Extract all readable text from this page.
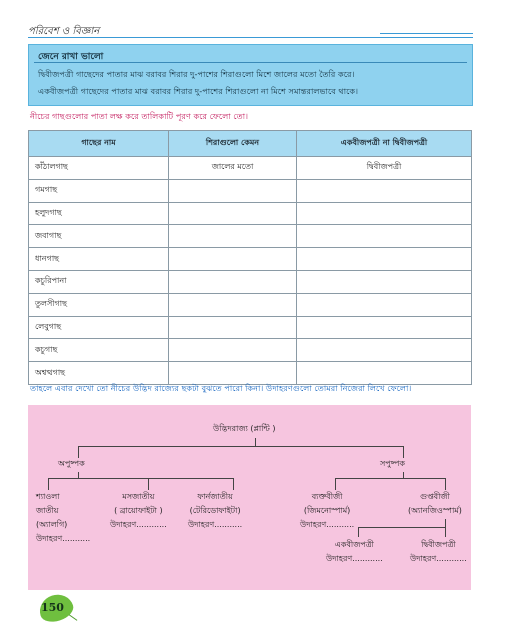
পরিবেশ ও বিজ্ঞান
জেনে রাখা ভালো
দ্বিবীজপত্রী গাছেদের পাতার মাঝ বরাবর শিরার দু-পাশের শিরাগুলো মিশে জালের মতো তৈরি করে।
একবীজপত্রী গাছেদের পাতার মাঝ বরাবর শিরার দু-পাশের শিরাগুলো না মিশে সমান্তরালভাবে থাকে।
নীচের গাছগুলোর পাতা লক্ষ করে তালিকাটি পূরণ করে ফেলো তো।
গাছের নাম	শিরাগুলো কেমন	একবীজপত্রী না দ্বিবীজপত্রী
কাঁঠালগাছ	জালের মতো	দ্বিবীজপত্রী
গমগাছ		
হলুদগাছ		
জবাগাছ		
ধানগাছ		
কচুরিপানা		
তুলসীগাছ		
লেবুগাছ		
কচুগাছ		
অশ্বত্থগাছ		
তাহলে এবার দেখো তো নীচের উদ্ভিদ রাজ্যের ছকটা বুঝতে পারো কিনা। উদাহরণগুলো তোমরা নিজেরা লিখে ফেলো।
উদ্ভিদরাজ্য (প্লান্টি )
অপুষ্পক	সপুষ্পক
শ্যাওলা
জাতীয়
(অ্যালগি)
উদাহরণ...........
মসজাতীয়
( ব্রায়োফাইটা )
উদাহরণ............
ফার্নজাতীয়
(টেরিডোফাইটা)
উদাহরণ...........
ব্যক্তবীজী
(জিমনোস্পার্ম)
উদাহরণ...........
গুপ্তবীজী
(অ্যানজিওস্পার্ম)
একবীজপত্রী
উদাহরণ............
দ্বিবীজপত্রী
উদাহরণ............
150
